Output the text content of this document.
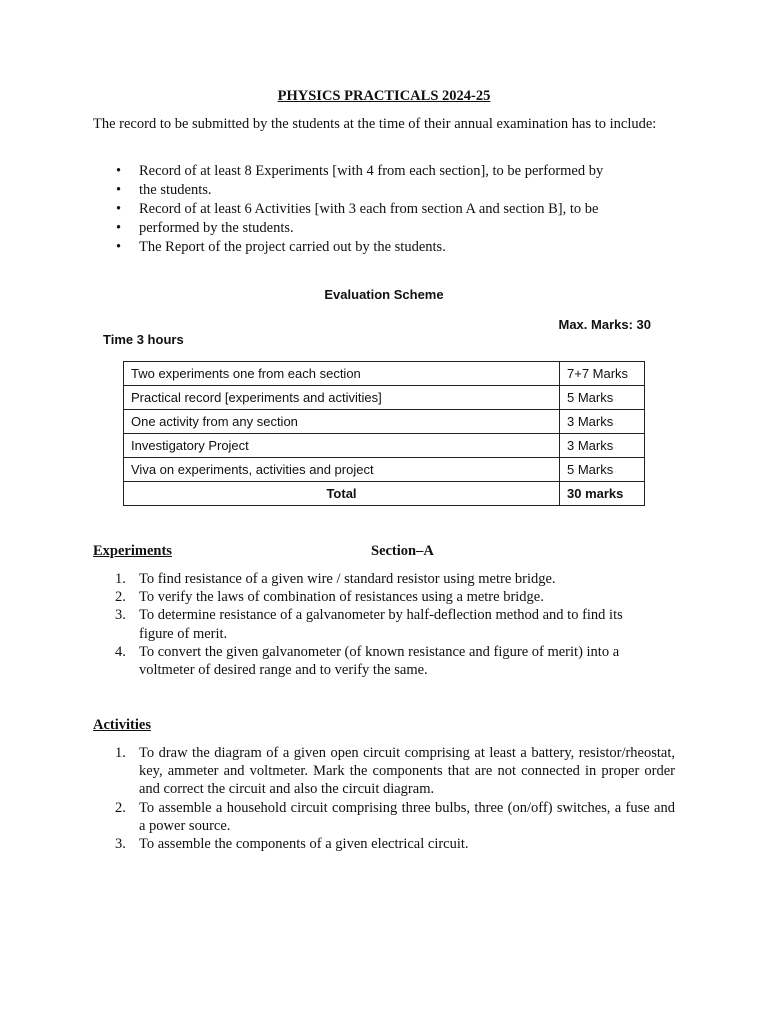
PHYSICS PRACTICALS 2024-25
The record to be submitted by the students at the time of their annual examination has to include:
• Record of at least 8 Experiments [with 4 from each section], to be performed by
• the students.
• Record of at least 6 Activities [with 3 each from section A and section B], to be
• performed by the students.
• The Report of the project carried out by the students.
Evaluation Scheme
Max. Marks: 30
Time 3 hours
Two experiments one from each section	7+7 Marks
Practical record [experiments and activities]	5 Marks
One activity from any section	3 Marks
Investigatory Project	3 Marks
Viva on experiments, activities and project	5 Marks
Total	30 marks
Experiments	Section–A
1. To find resistance of a given wire / standard resistor using metre bridge.
2. To verify the laws of combination of resistances using a metre bridge.
3. To determine resistance of a galvanometer by half-deflection method and to find its figure of merit.
4. To convert the given galvanometer (of known resistance and figure of merit) into a voltmeter of desired range and to verify the same.
Activities
1. To draw the diagram of a given open circuit comprising at least a battery, resistor/rheostat, key, ammeter and voltmeter. Mark the components that are not connected in proper order and correct the circuit and also the circuit diagram.
2. To assemble a household circuit comprising three bulbs, three (on/off) switches, a fuse and a power source.
3. To assemble the components of a given electrical circuit.
